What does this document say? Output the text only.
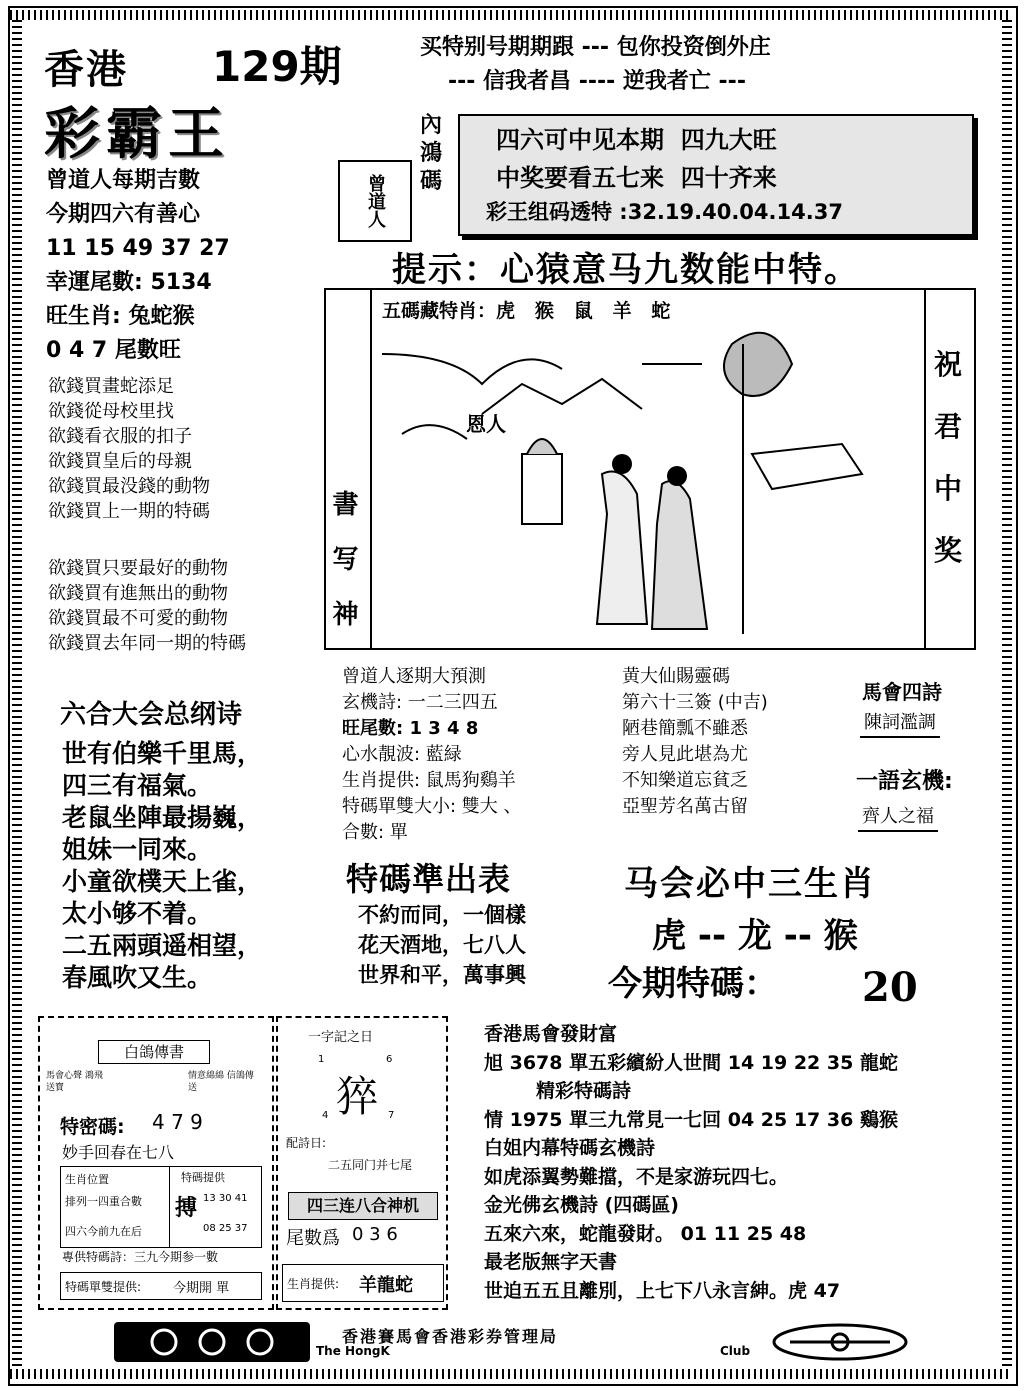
香港 129期
彩霸王
买特别号期期跟 --- 包你投资倒外庄
--- 信我者昌 ---- 逆我者亡 ---
曾道人每期吉數
今期四六有善心
11 15 49 37 27
幸運尾數: 5134
旺生肖: 兔蛇猴
0 4 7 尾數旺
欲錢買畫蛇添足
欲錢從母校里找
欲錢看衣服的扣子
欲錢買皇后的母親
欲錢買最没錢的動物
欲錢買上一期的特碼
欲錢買只要最好的動物
欲錢買有進無出的動物
欲錢買最不可愛的動物
欲錢買去年同一期的特碼
內
鴻
碼
曾道人
四六可中见本期  四九大旺
中奖要看五七来  四十齐来
彩王组码透特 :32.19.40.04.14.37
提示：心猿意马九数能中特。
書 写 神
五碼藏特肖：虎   猴   鼠   羊   蛇
恩人
祝
君
中
奖
六合大会总纲诗
世有伯樂千里馬，
四三有福氣。
老鼠坐陣最揚巍，
姐妹一同來。
小童欲樸天上雀，
太小够不着。
二五兩頭遥相望，
春風吹又生。
曾道人逐期大預測
玄機詩: 一二三四五
旺尾數: 1 3 4 8
心水靚波: 藍緑
生肖提供: 鼠馬狗鷄羊
特碼單雙大小: 雙大 、
合數: 單
黄大仙賜靈碼
第六十三簽 (中吉)
陋巷簡瓢不雖悉
旁人見此堪為尤
不知樂道忘貧乏
亞聖芳名萬古留
馬會四詩
陳詞濫調
一語玄機:
齊人之福
特碼準出表
不約而同，一個樣
花天酒地，七八人
世界和平，萬事興
马会必中三生肖
虎 -- 龙 -- 猴
今期特碼： 20
白鴿傳書
馬會心聲 鴻飛送寶
情意綿綿 信鴿傳送
特密碼: 4 7 9
妙手回春在七八
生肖位置
排列一四重合數
四六今前九在后
特碼提供
搏 13 30 41
08 25 37
專供特碼詩：三九今期参一數
特碼單雙提供: 今期開 單
一字記之日
1	6
猝
4	7
配詩日:
二五同门并七尾
四三连八合神机
尾數爲 0 3 6
生肖提供: 羊龍蛇
香港馬會發財富
旭 3678 單五彩繽紛人世間 14 19 22 35 龍蛇
精彩特碼詩
情 1975 單三九常見一七回 04 25 17 36 鷄猴
白姐内幕特碼玄機詩
如虎添翼勢難擋，不是家游玩四七。
金光佛玄機詩 (四碼區)
五來六來，蛇龍發財。 01 11 25 48
最老版無字天書
世迫五五且離別，上七下八永言紳。虎 47
香港賽馬會香港彩券管理局
The HongK	Club
